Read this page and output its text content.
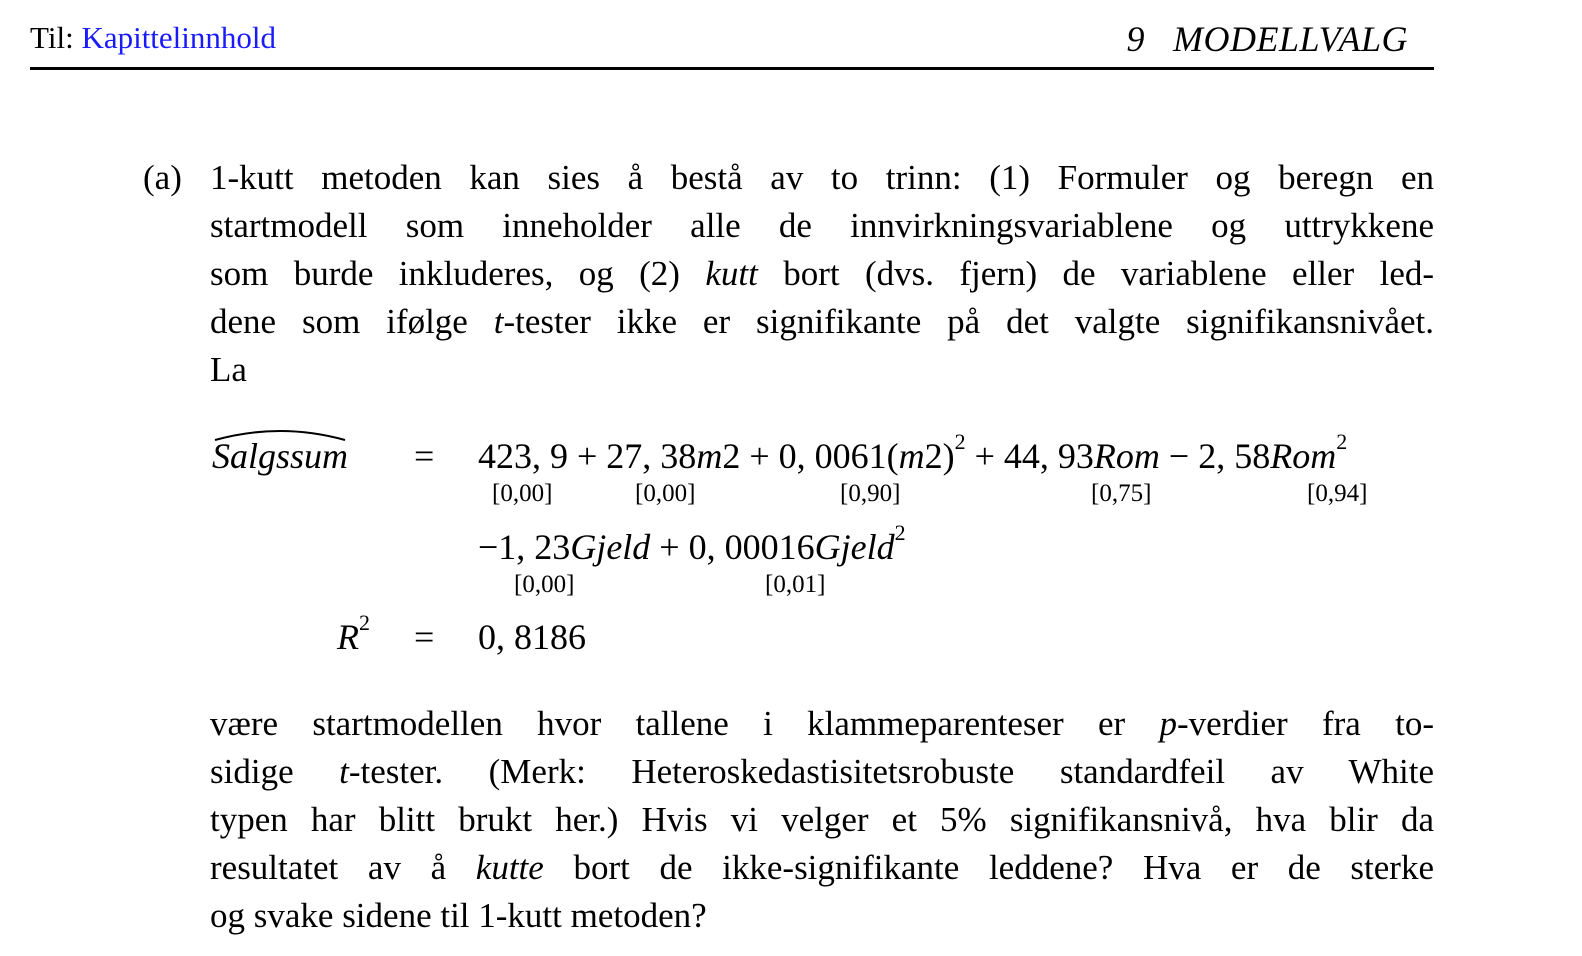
Til: Kapittelinnhold	9 MODELLVALG
(a) 1-kutt metoden kan sies å bestå av to trinn: (1) Formuler og beregn en
startmodell som inneholder alle de innvirkningsvariablene og uttrykkene
som burde inkluderes, og (2) kutt bort (dvs. fjern) de variablene eller led-
dene som ifølge t-tester ikke er signifikante på det valgte signifikansnivået.
La
Salgssum = 423, 9 + 27, 38m2 + 0, $0061(m2)^2 + 44$, 93Rom − 2, 58Rom$^2$
[0,00]	[0,00]	[0,90]	[0,75]	[0,94]
−1, 23Gjeld + 0, 00016Gjeld$^2$
[0,00]	[0,01]
$R^2 = 0$, 8186
være startmodellen hvor tallene i klammeparenteser er p-verdier fra to-
sidige t-tester. (Merk: Heteroskedastisitetsrobuste standardfeil av White
typen har blitt brukt her.) Hvis vi velger et 5% signifikansnivå, hva blir da
resultatet av å kutte bort de ikke-signifikante leddene? Hva er de sterke
og svake sidene til 1-kutt metoden?
